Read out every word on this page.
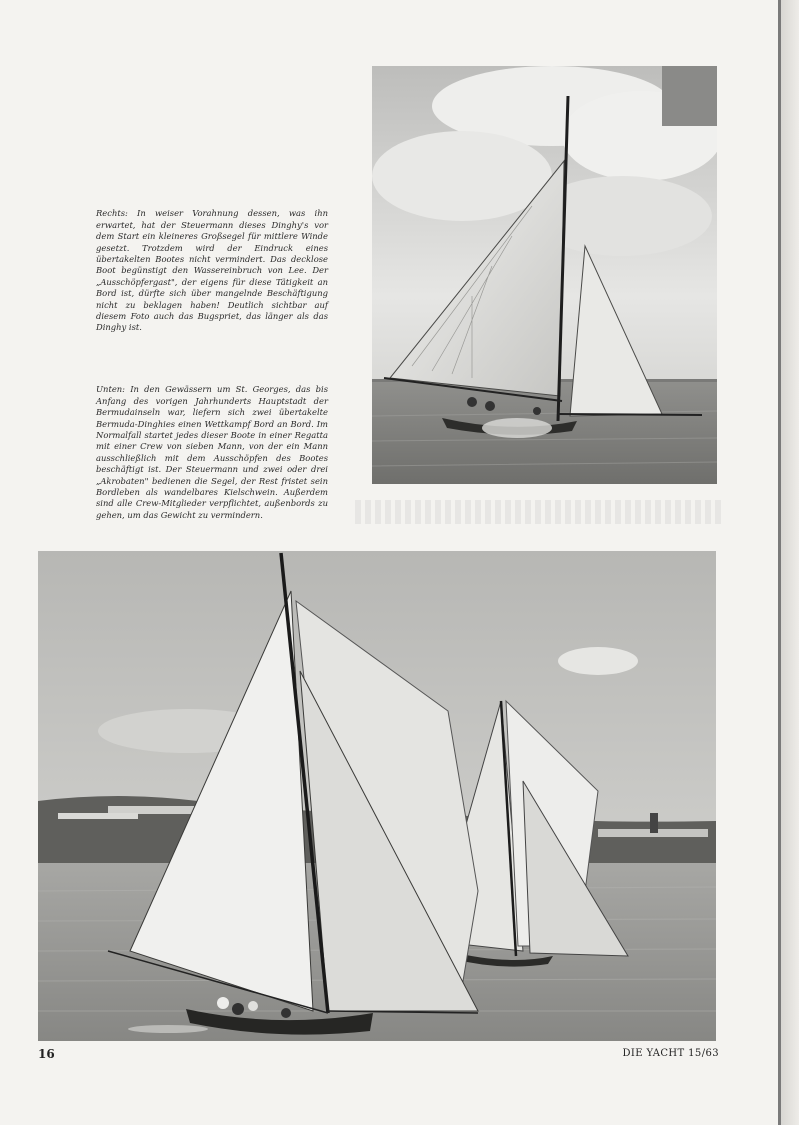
Rechts: In weiser Vorahnung dessen, was ihn erwartet, hat der Steuermann dieses Dinghy's vor dem Start ein kleineres Großsegel für mittlere Winde gesetzt. Trotzdem wird der Eindruck eines übertakelten Bootes nicht vermindert. Das decklose Boot begünstigt den Wassereinbruch von Lee. Der „Ausschöpfergast", der eigens für diese Tätigkeit an Bord ist, dürfte sich über mangelnde Beschäftigung nicht zu beklagen haben! Deutlich sichtbar auf diesem Foto auch das Bugspriet, das länger als das Dinghy ist.

Unten: In den Gewässern um St. Georges, das bis Anfang des vorigen Jahrhunderts Hauptstadt der Bermudainseln war, liefern sich zwei übertakelte Bermuda-Dinghies einen Wettkampf Bord an Bord. Im Normalfall startet jedes dieser Boote in einer Regatta mit einer Crew von sieben Mann, von der ein Mann ausschließlich mit dem Ausschöpfen des Bootes beschäftigt ist. Der Steuermann und zwei oder drei „Akrobaten" bedienen die Segel, der Rest fristet sein Bordleben als wandelbares Kielschwein. Außerdem sind alle Crew-Mitglieder verpflichtet, außenbords zu gehen, um das Gewicht zu vermindern.

16	DIE YACHT 15/63
